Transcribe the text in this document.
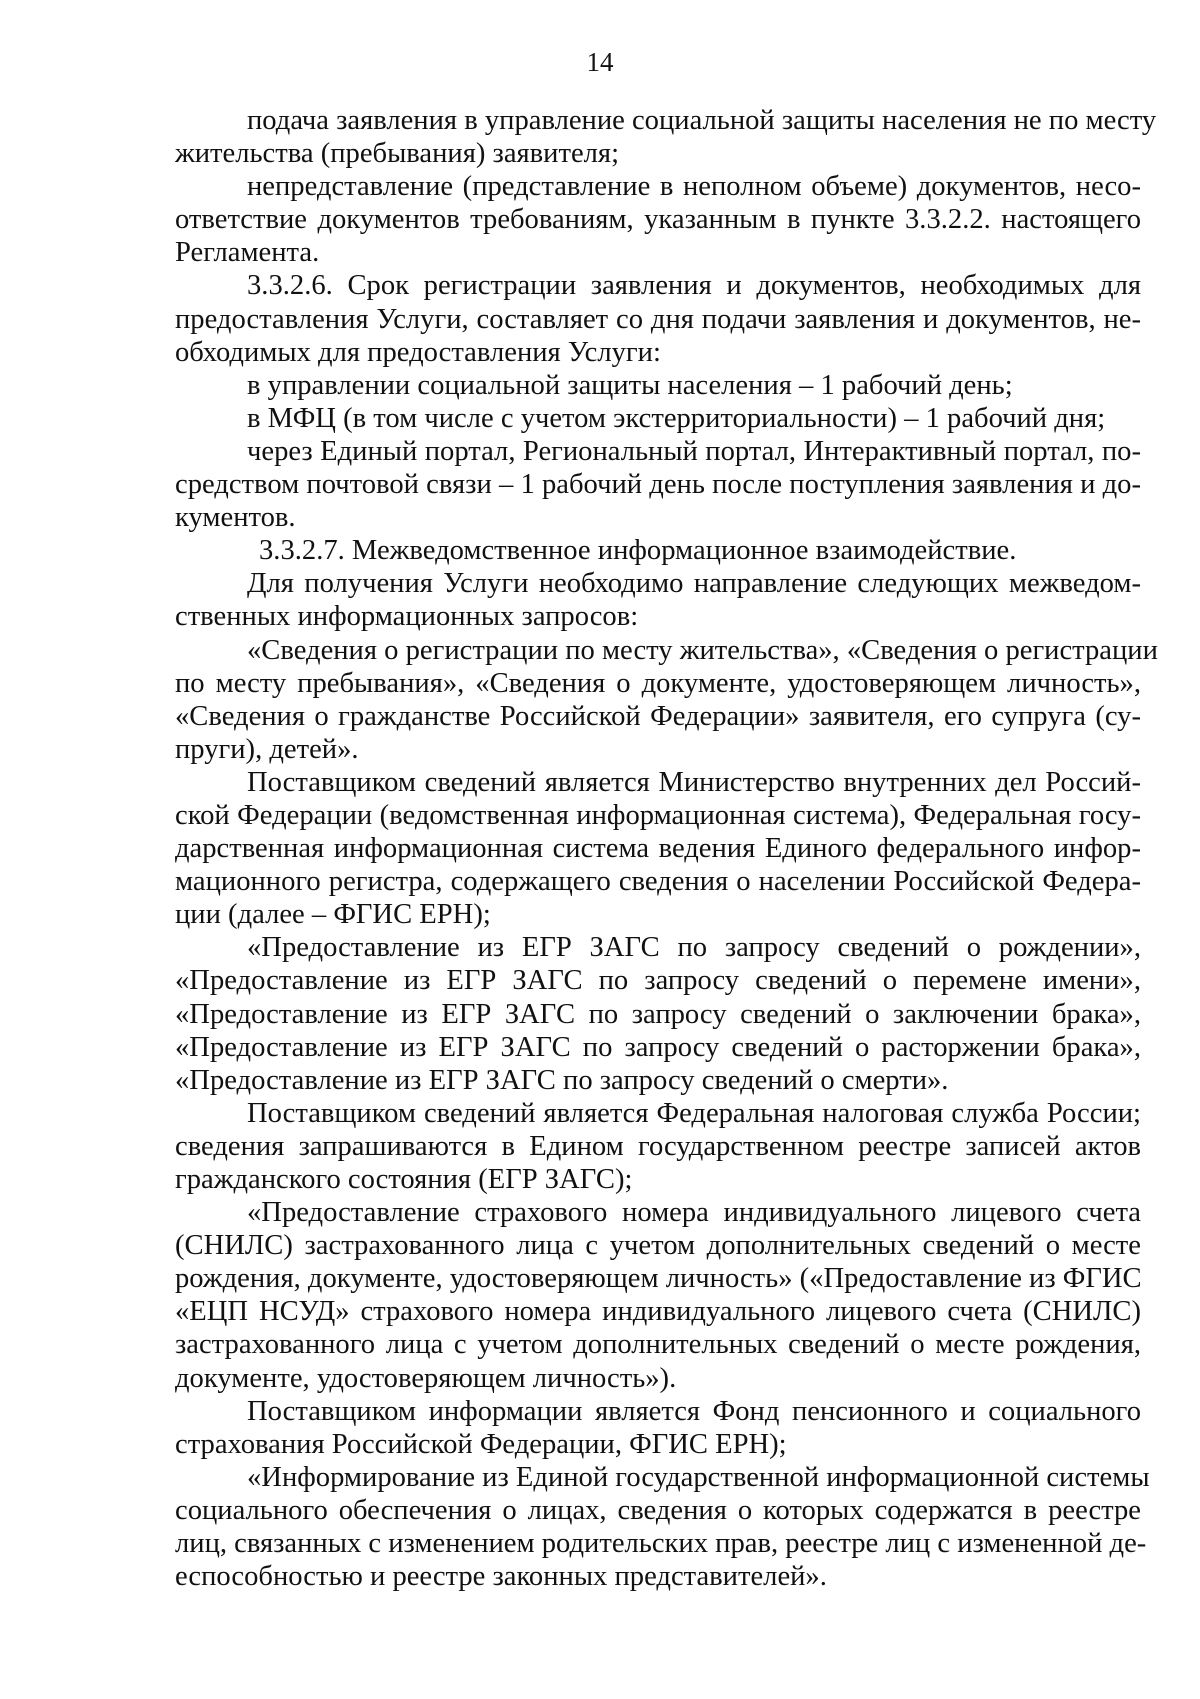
14
подача заявления в управление социальной защиты населения не по месту
жительства (пребывания) заявителя;
непредставление (представление в неполном объеме) документов, несо-
ответствие документов требованиям, указанным в пункте 3.3.2.2. настоящего
Регламента.
3.3.2.6. Срок регистрации заявления и документов, необходимых для
предоставления Услуги, составляет со дня подачи заявления и документов, не-
обходимых для предоставления Услуги:
в управлении социальной защиты населения – 1 рабочий день;
в МФЦ (в том числе с учетом экстерриториальности) – 1 рабочий дня;
через Единый портал, Региональный портал, Интерактивный портал, по-
средством почтовой связи – 1 рабочий день после поступления заявления и до-
кументов.
3.3.2.7. Межведомственное информационное взаимодействие.
Для получения Услуги необходимо направление следующих межведом-
ственных информационных запросов:
«Сведения о регистрации по месту жительства», «Сведения о регистрации
по месту пребывания», «Сведения о документе, удостоверяющем личность»,
«Сведения о гражданстве Российской Федерации» заявителя, его супруга (су-
пруги), детей».
Поставщиком сведений является Министерство внутренних дел Россий-
ской Федерации (ведомственная информационная система), Федеральная госу-
дарственная информационная система ведения Единого федерального инфор-
мационного регистра, содержащего сведения о населении Российской Федера-
ции (далее – ФГИС ЕРН);
«Предоставление из ЕГР ЗАГС по запросу сведений о рождении»,
«Предоставление из ЕГР ЗАГС по запросу сведений о перемене имени»,
«Предоставление из ЕГР ЗАГС по запросу сведений о заключении брака»,
«Предоставление из ЕГР ЗАГС по запросу сведений о расторжении брака»,
«Предоставление из ЕГР ЗАГС по запросу сведений о смерти».
Поставщиком сведений является Федеральная налоговая служба России;
сведения запрашиваются в Едином государственном реестре записей актов
гражданского состояния (ЕГР ЗАГС);
«Предоставление страхового номера индивидуального лицевого счета
(СНИЛС) застрахованного лица с учетом дополнительных сведений о месте
рождения, документе, удостоверяющем личность» («Предоставление из ФГИС
«ЕЦП НСУД» страхового номера индивидуального лицевого счета (СНИЛС)
застрахованного лица с учетом дополнительных сведений о месте рождения,
документе, удостоверяющем личность»).
Поставщиком информации является Фонд пенсионного и социального
страхования Российской Федерации, ФГИС ЕРН);
«Информирование из Единой государственной информационной системы
социального обеспечения о лицах, сведения о которых содержатся в реестре
лиц, связанных с изменением родительских прав, реестре лиц с измененной де-
еспособностью и реестре законных представителей».
